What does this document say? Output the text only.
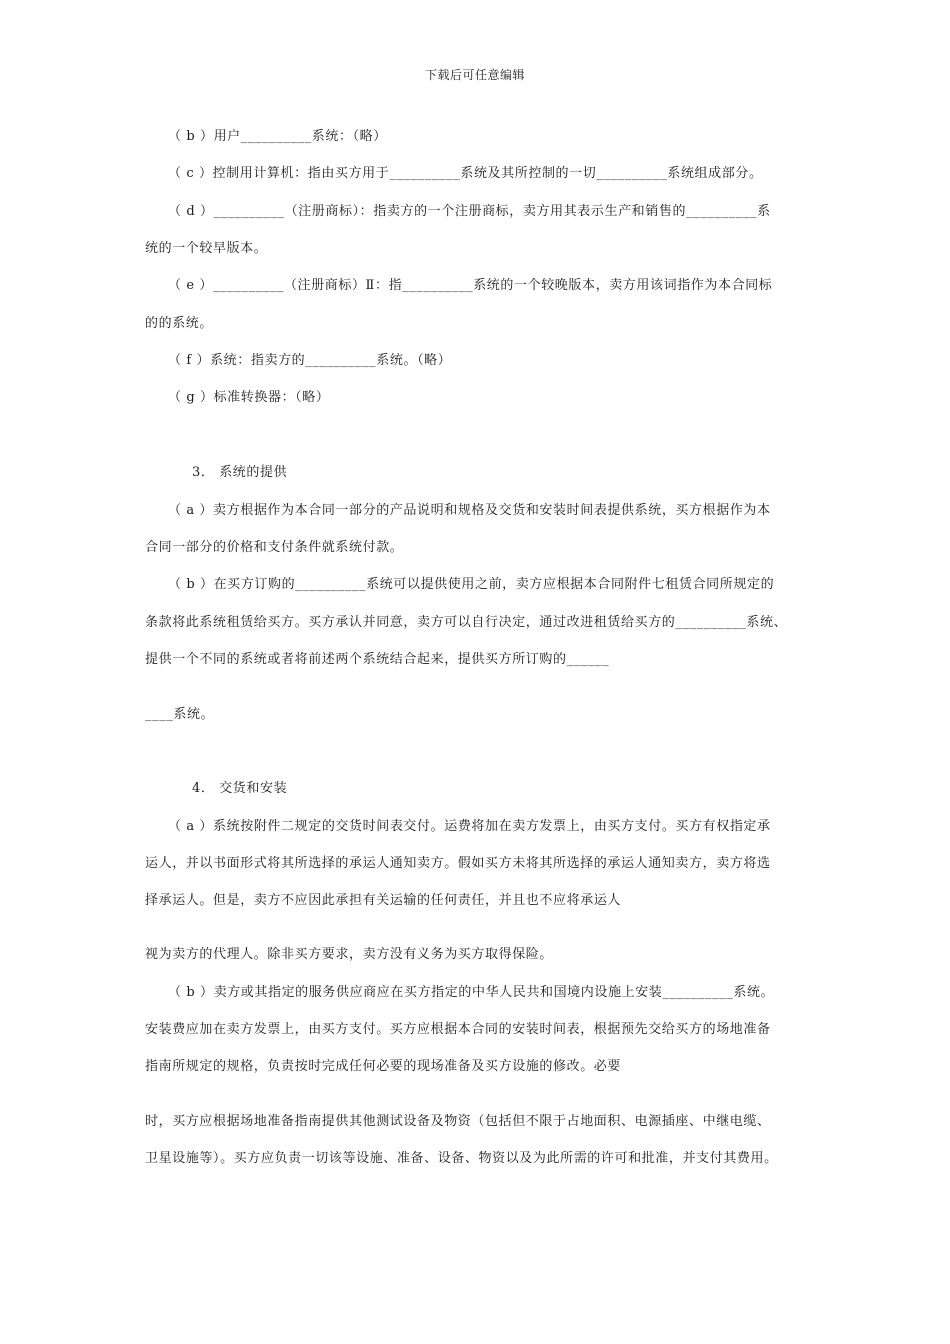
下载后可任意编辑
（ b ）用户__________系统：（略）
（ c ）控制用计算机：指由买方用于__________系统及其所控制的一切__________系统组成部分。
（ d ）__________（注册商标）：指卖方的一个注册商标，卖方用其表示生产和销售的__________系
统的一个较早版本。
（ e ）__________（注册商标）Ⅱ：指__________系统的一个较晚版本，卖方用该词指作为本合同标
的的系统。
（ f ）系统：指卖方的__________系统。（略）
（ g ）标准转换器：（略）
3． 系统的提供
（ a ）卖方根据作为本合同一部分的产品说明和规格及交货和安装时间表提供系统，买方根据作为本
合同一部分的价格和支付条件就系统付款。
（ b ）在买方订购的__________系统可以提供使用之前，卖方应根据本合同附件七租赁合同所规定的
条款将此系统租赁给买方。买方承认并同意，卖方可以自行决定，通过改进租赁给买方的__________系统、
提供一个不同的系统或者将前述两个系统结合起来，提供买方所订购的______
____系统。
4． 交货和安装
（ a ）系统按附件二规定的交货时间表交付。运费将加在卖方发票上，由买方支付。买方有权指定承
运人，并以书面形式将其所选择的承运人通知卖方。假如买方未将其所选择的承运人通知卖方，卖方将选
择承运人。但是，卖方不应因此承担有关运输的任何责任，并且也不应将承运人
视为卖方的代理人。除非买方要求，卖方没有义务为买方取得保险。
（ b ）卖方或其指定的服务供应商应在买方指定的中华人民共和国境内设施上安装__________系统。
安装费应加在卖方发票上，由买方支付。买方应根据本合同的安装时间表，根据预先交给买方的场地准备
指南所规定的规格，负责按时完成任何必要的现场准备及买方设施的修改。必要
时，买方应根据场地准备指南提供其他测试设备及物资（包括但不限于占地面积、电源插座、中继电缆、
卫星设施等）。买方应负责一切该等设施、准备、设备、物资以及为此所需的许可和批准，并支付其费用。
